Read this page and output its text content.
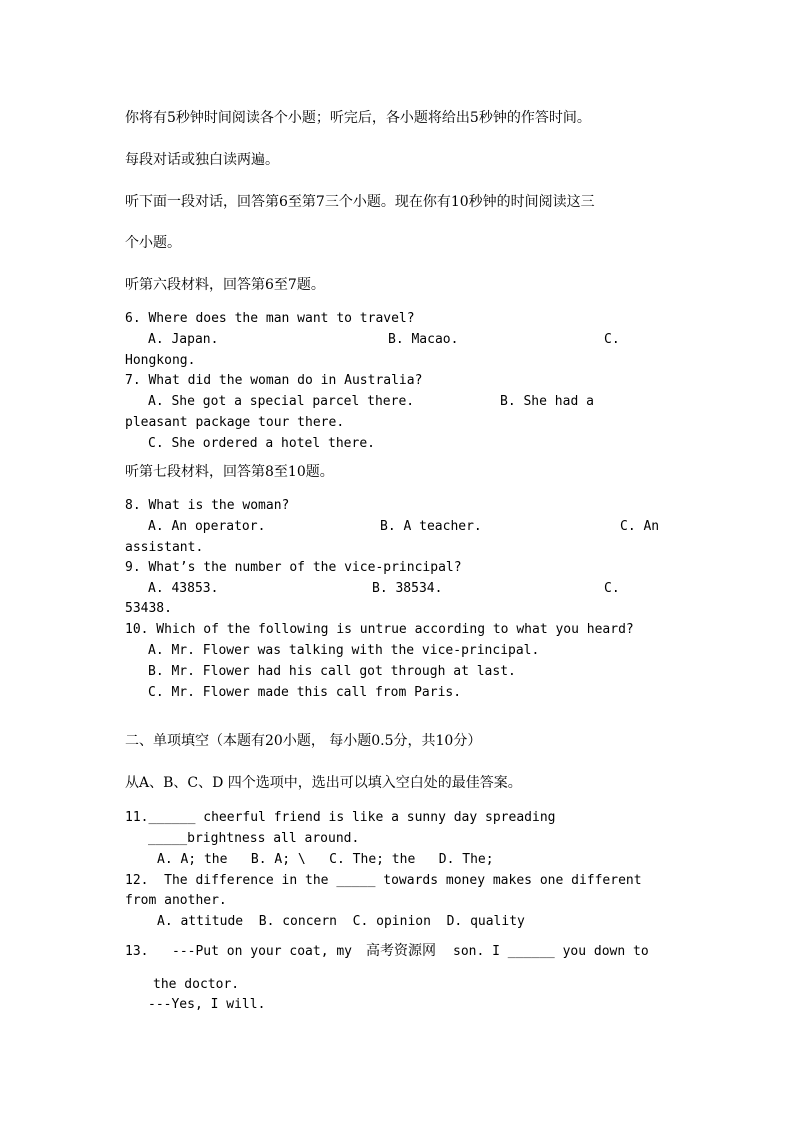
你将有5秒钟时间阅读各个小题；听完后，各小题将给出5秒钟的作答时间。
每段对话或独白读两遍。
听下面一段对话，回答第6至第7三个小题。现在你有10秒钟的时间阅读这三
个小题。
听第六段材料，回答第6至7题。
6. Where does the man want to travel?
A. Japan.	B. Macao.	C.
Hongkong.
7. What did the woman do in Australia?
A. She got a special parcel there.	B. She had a
pleasant package tour there.
C. She ordered a hotel there.
听第七段材料，回答第8至10题。
8. What is the woman?
A. An operator.	B. A teacher.	C. An
assistant.
9. What’s the number of the vice-principal?
A. 43853.	B. 38534.	C.
53438.
10. Which of the following is untrue according to what you heard?
A. Mr. Flower was talking with the vice-principal.
B. Mr. Flower had his call got through at last.
C. Mr. Flower made this call from Paris.
二、单项填空（本题有20小题， 每小题0.5分，共10分）
从A、B、C、D 四个选项中，选出可以填入空白处的最佳答案。
11.______ cheerful friend is like a sunny day spreading
_____brightness all around.
A. A; the   B. A; \   C. The; the   D. The;
12.  The difference in the _____ towards money makes one different
from another.
A. attitude  B. concern  C. opinion  D. quality
13. ---Put on your coat, my 高考资源网 son. I ______ you down to
the doctor.
---Yes, I will.
